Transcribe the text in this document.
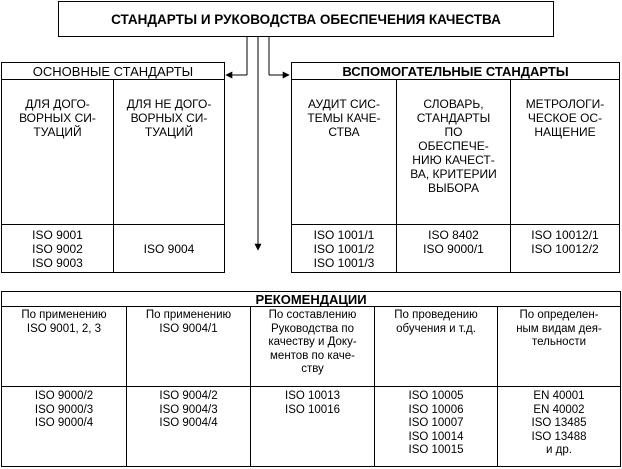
СТАНДАРТЫ И РУКОВОДСТВА ОБЕСПЕЧЕНИЯ КАЧЕСТВА
ОСНОВНЫЕ СТАНДАРТЫ
ДЛЯ ДОГО-
ВОРНЫХ СИ-
ТУАЦИЙ
ISO 9001
ISO 9002
ISO 9003
ДЛЯ НЕ ДОГО-
ВОРНЫХ СИ-
ТУАЦИЙ
ISO 9004
ВСПОМОГАТЕЛЬНЫЕ СТАНДАРТЫ
АУДИТ СИС-
ТЕМЫ КАЧЕ-
СТВА
ISO 1001/1
ISO 1001/2
ISO 1001/3
СЛОВАРЬ,
СТАНДАРТЫ
ПО
ОБЕСПЕЧЕ-
НИЮ КАЧЕСТ-
ВА, КРИТЕРИИ
ВЫБОРА
ISO 8402
ISO 9000/1
МЕТРОЛОГИ-
ЧЕСКОЕ ОС-
НАЩЕНИЕ
ISO 10012/1
ISO 10012/2
РЕКОМЕНДАЦИИ
По применению
ISO 9001, 2, 3
ISO 9000/2
ISO 9000/3
ISO 9000/4
По применению
ISO 9004/1
ISO 9004/2
ISO 9004/3
ISO 9004/4
По составлению
Руководства по
качеству и Доку-
ментов по каче-
ству
ISO 10013
ISO 10016
По проведению
обучения и т.д.
ISO 10005
ISO 10006
ISO 10007
ISO 10014
ISO 10015
По определен-
ным видам дея-
тельности
EN 40001
EN 40002
ISO 13485
ISO 13488
и др.
